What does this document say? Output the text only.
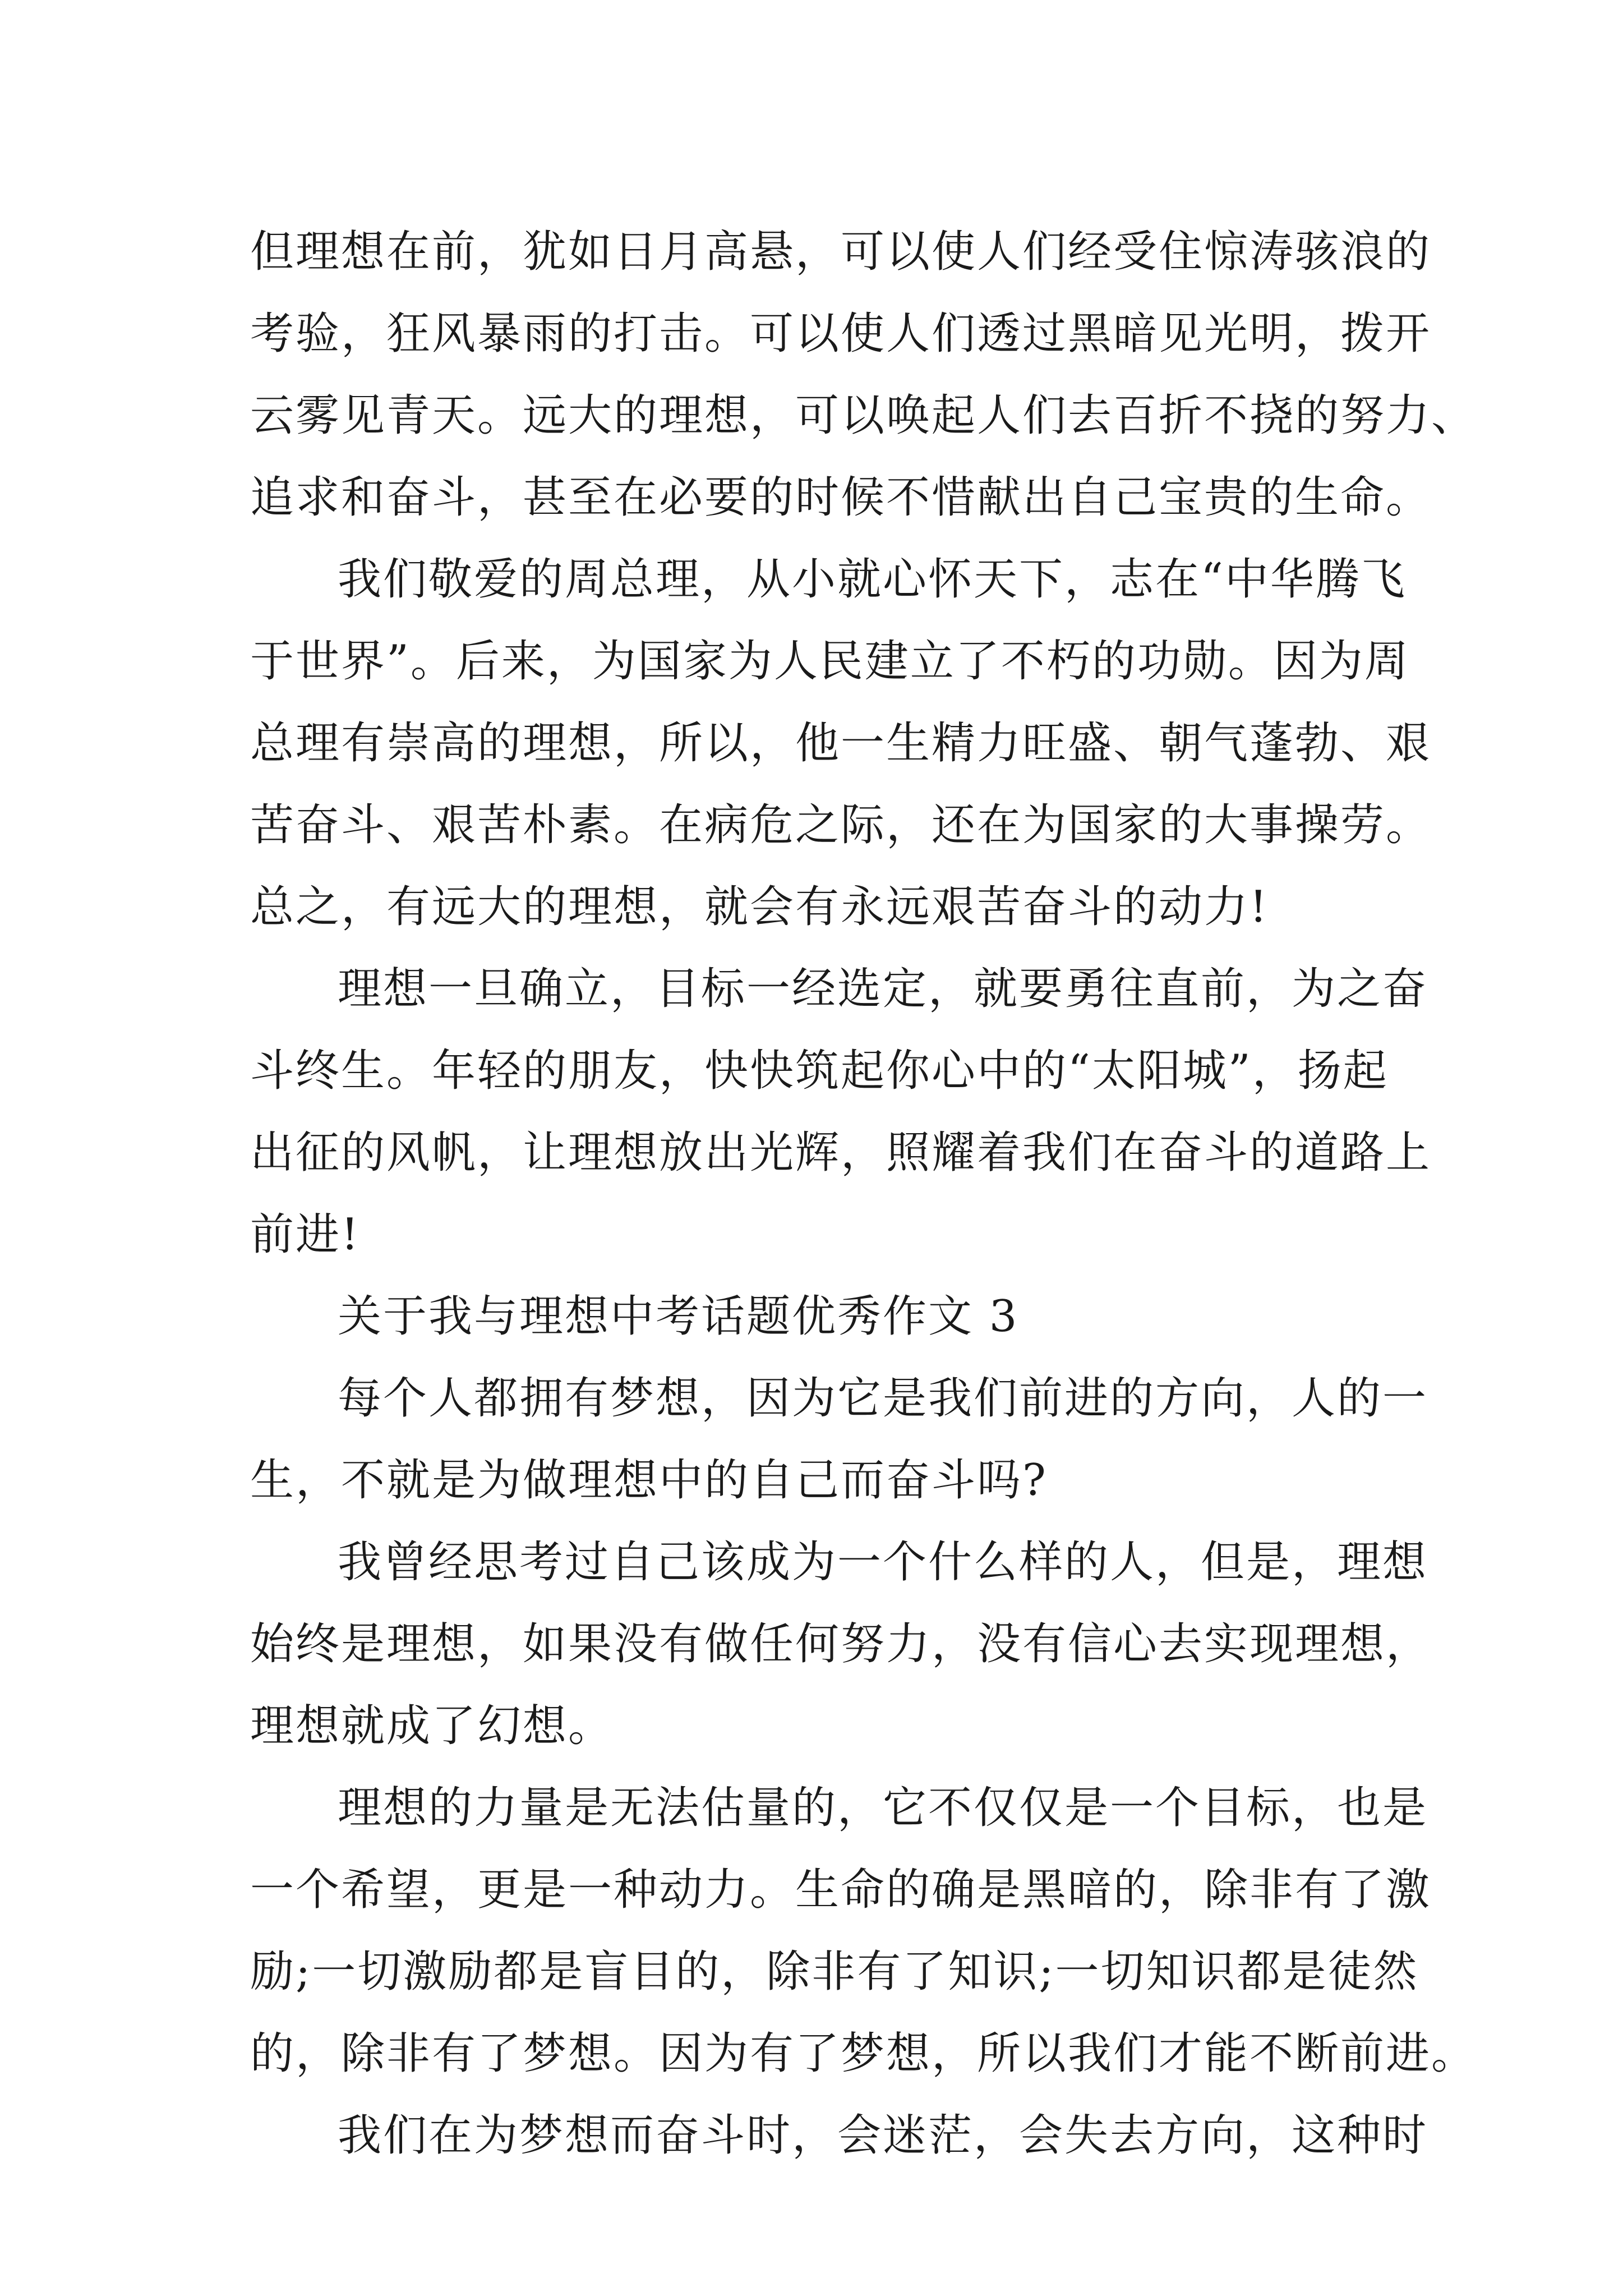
但理想在前，犹如日月高悬，可以使人们经受住惊涛骇浪的
考验，狂风暴雨的打击。可以使人们透过黑暗见光明，拨开
云雾见青天。远大的理想，可以唤起人们去百折不挠的努力、
追求和奋斗，甚至在必要的时候不惜献出自己宝贵的生命。
我们敬爱的周总理，从小就心怀天下，志在“中华腾飞
于世界”。后来，为国家为人民建立了不朽的功勋。因为周
总理有崇高的理想，所以，他一生精力旺盛、朝气蓬勃、艰
苦奋斗、艰苦朴素。在病危之际，还在为国家的大事操劳。
总之，有远大的理想，就会有永远艰苦奋斗的动力!
理想一旦确立，目标一经选定，就要勇往直前，为之奋
斗终生。年轻的朋友，快快筑起你心中的“太阳城”，扬起
出征的风帆，让理想放出光辉，照耀着我们在奋斗的道路上
前进!
关于我与理想中考话题优秀作文 3
每个人都拥有梦想，因为它是我们前进的方向，人的一
生，不就是为做理想中的自己而奋斗吗?
我曾经思考过自己该成为一个什么样的人，但是，理想
始终是理想，如果没有做任何努力，没有信心去实现理想，
理想就成了幻想。
理想的力量是无法估量的，它不仅仅是一个目标，也是
一个希望，更是一种动力。生命的确是黑暗的，除非有了激
励;一切激励都是盲目的，除非有了知识;一切知识都是徒然
的，除非有了梦想。因为有了梦想，所以我们才能不断前进。
我们在为梦想而奋斗时，会迷茫，会失去方向，这种时
